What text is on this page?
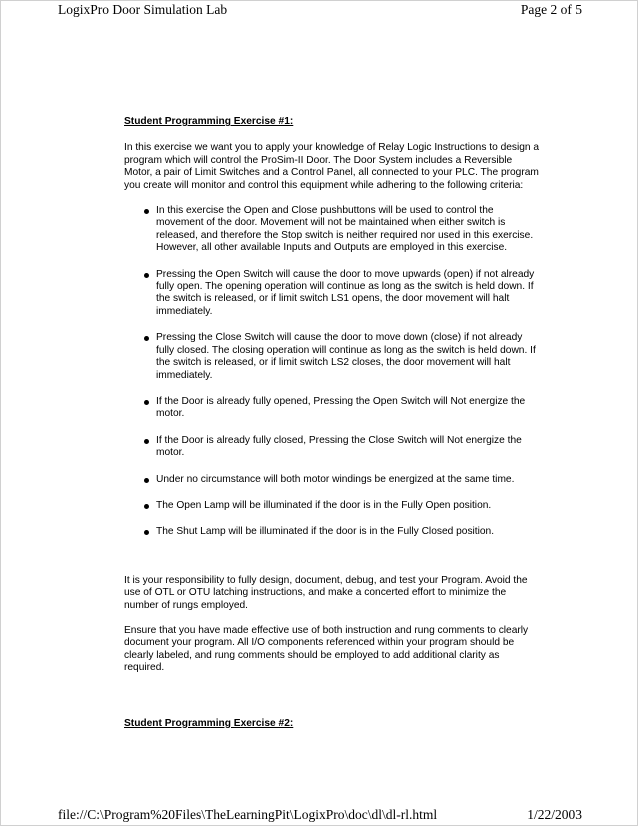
LogixPro Door Simulation Lab	Page 2 of 5

Student Programming Exercise #1:

In this exercise we want you to apply your knowledge of Relay Logic Instructions to design a program which will control the ProSim-II Door. The Door System includes a Reversible Motor, a pair of Limit Switches and a Control Panel, all connected to your PLC. The program you create will monitor and control this equipment while adhering to the following criteria:

In this exercise the Open and Close pushbuttons will be used to control the movement of the door. Movement will not be maintained when either switch is released, and therefore the Stop switch is neither required nor used in this exercise. However, all other available Inputs and Outputs are employed in this exercise.
Pressing the Open Switch will cause the door to move upwards (open) if not already fully open. The opening operation will continue as long as the switch is held down. If the switch is released, or if limit switch LS1 opens, the door movement will halt immediately.
Pressing the Close Switch will cause the door to move down (close) if not already fully closed. The closing operation will continue as long as the switch is held down. If the switch is released, or if limit switch LS2 closes, the door movement will halt immediately.
If the Door is already fully opened, Pressing the Open Switch will Not energize the motor.
If the Door is already fully closed, Pressing the Close Switch will Not energize the motor.
Under no circumstance will both motor windings be energized at the same time.
The Open Lamp will be illuminated if the door is in the Fully Open position.
The Shut Lamp will be illuminated if the door is in the Fully Closed position.

It is your responsibility to fully design, document, debug, and test your Program. Avoid the use of OTL or OTU latching instructions, and make a concerted effort to minimize the number of rungs employed.

Ensure that you have made effective use of both instruction and rung comments to clearly document your program. All I/O components referenced within your program should be clearly labeled, and rung comments should be employed to add additional clarity as required.

Student Programming Exercise #2:

file://C:\Program%20Files\TheLearningPit\LogixPro\doc\dl\dl-rl.html	1/22/2003
